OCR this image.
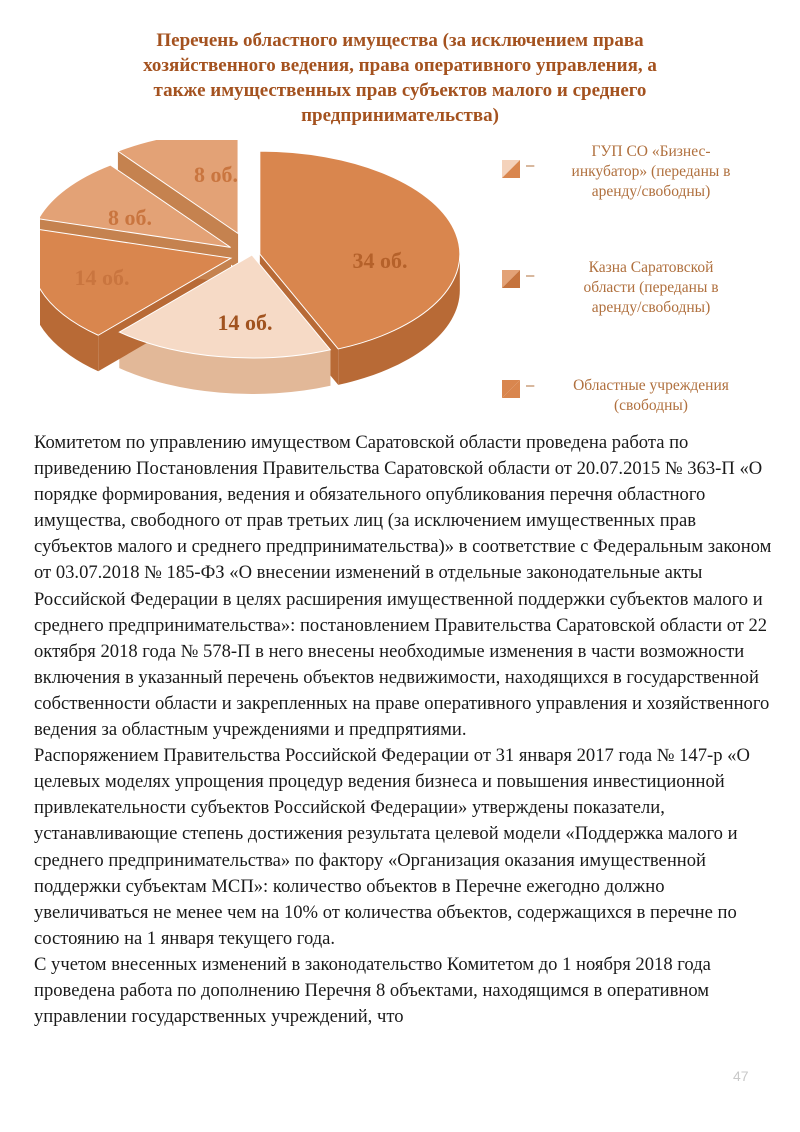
Перечень областного имущества (за исключением права
хозяйственного ведения, права оперативного управления, а
также имущественных прав субъектов малого и среднего
предпринимательства)
34 об.
14 об.
14 об.
8 об.
8 об.	–
ГУП СО «Бизнес-
инкубатор» (переданы в
аренду/свободны)
–	Казна Саратовской
области (переданы в
аренду/свободны)
–	Областные учреждения
(свободны)

Комитетом по управлению имуществом Саратовской области проведена работа по приведению Постановления Правительства Саратовской области от 20.07.2015 № 363-П «О порядке формирования, ведения и обязательного опубликования перечня областного имущества, свободного от прав третьих лиц (за исключением имущественных прав субъектов малого и среднего предпринимательства)» в соответствие с Федеральным законом от 03.07.2018 № 185-ФЗ «О внесении изменений в отдельные законодательные акты Российской Федерации в целях расширения имущественной поддержки субъектов малого и среднего предпринимательства»: постановлением Правительства Саратовской области от 22 октября 2018 года № 578-П в него внесены необходимые изменения в части возможности включения в указанный перечень объектов недвижимости, находящихся в государственной собственности области и закрепленных на праве оперативного управления и хозяйственного ведения за областным учреждениями и предпрятиями.

Распоряжением Правительства Российской Федерации от 31 января 2017 года № 147-р «О целевых моделях упрощения процедур ведения бизнеса и повышения инвестиционной привлекательности субъектов Российской Федерации» утверждены показатели, устанавливающие степень достижения результата целевой модели «Поддержка малого и среднего предпринимательства» по фактору «Организация оказания имущественной поддержки субъектам МСП»: количество объектов в Перечне ежегодно должно увеличиваться не менее чем на 10% от количества объектов, содержащихся в перечне по состоянию на 1 января текущего года.

С учетом внесенных изменений в законодательство Комитетом до 1 ноября 2018 года проведена работа по дополнению Перечня 8 объектами, находящимся в оперативном управлении государственных учреждений, что

47
